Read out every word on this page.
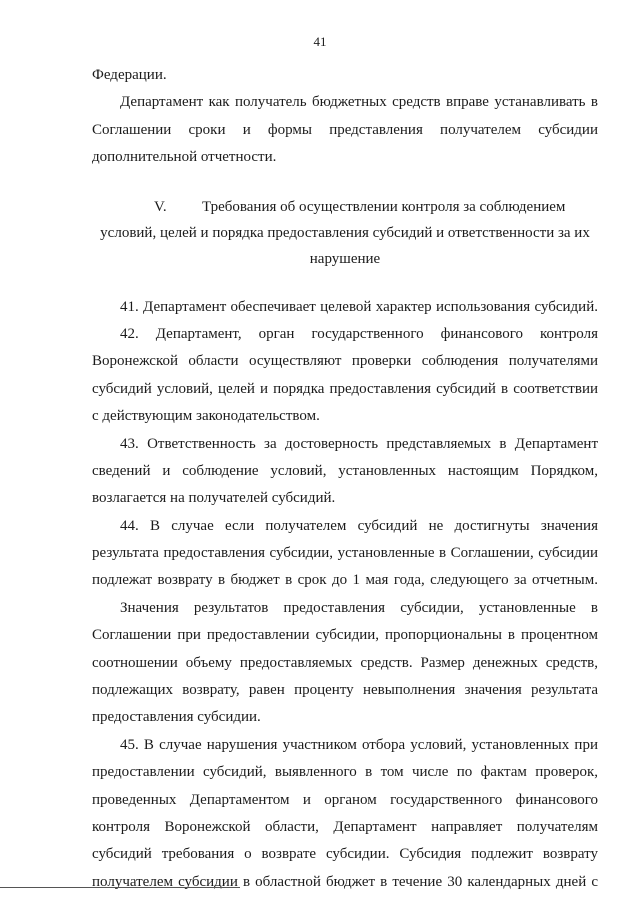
41
Федерации.
Департамент как получатель бюджетных средств вправе устанавливать в
Соглашении сроки и формы представления получателем субсидии
дополнительной отчетности.
V. Требования об осуществлении контроля за соблюдением
условий, целей и порядка предоставления субсидий и ответственности за их
нарушение
41. Департамент обеспечивает целевой характер использования субсидий.
42. Департамент, орган государственного финансового контроля
Воронежской области осуществляют проверки соблюдения получателями
субсидий условий, целей и порядка предоставления субсидий в соответствии
с действующим законодательством.
43. Ответственность за достоверность представляемых в Департамент
сведений и соблюдение условий, установленных настоящим Порядком,
возлагается на получателей субсидий.
44. В случае если получателем субсидий не достигнуты значения
результата предоставления субсидии, установленные в Соглашении, субсидии
подлежат возврату в бюджет в срок до 1 мая года, следующего за отчетным.
Значения результатов предоставления субсидии, установленные в
Соглашении при предоставлении субсидии, пропорциональны в процентном
соотношении объему предоставляемых средств. Размер денежных средств,
подлежащих возврату, равен проценту невыполнения значения результата
предоставления субсидии.
45. В случае нарушения участником отбора условий, установленных при
предоставлении субсидий, выявленного в том числе по фактам проверок,
проведенных Департаментом и органом государственного финансового
контроля Воронежской области, Департамент направляет получателям
субсидий требования о возврате субсидии. Субсидия подлежит возврату
получателем субсидии в областной бюджет в течение 30 календарных дней с
